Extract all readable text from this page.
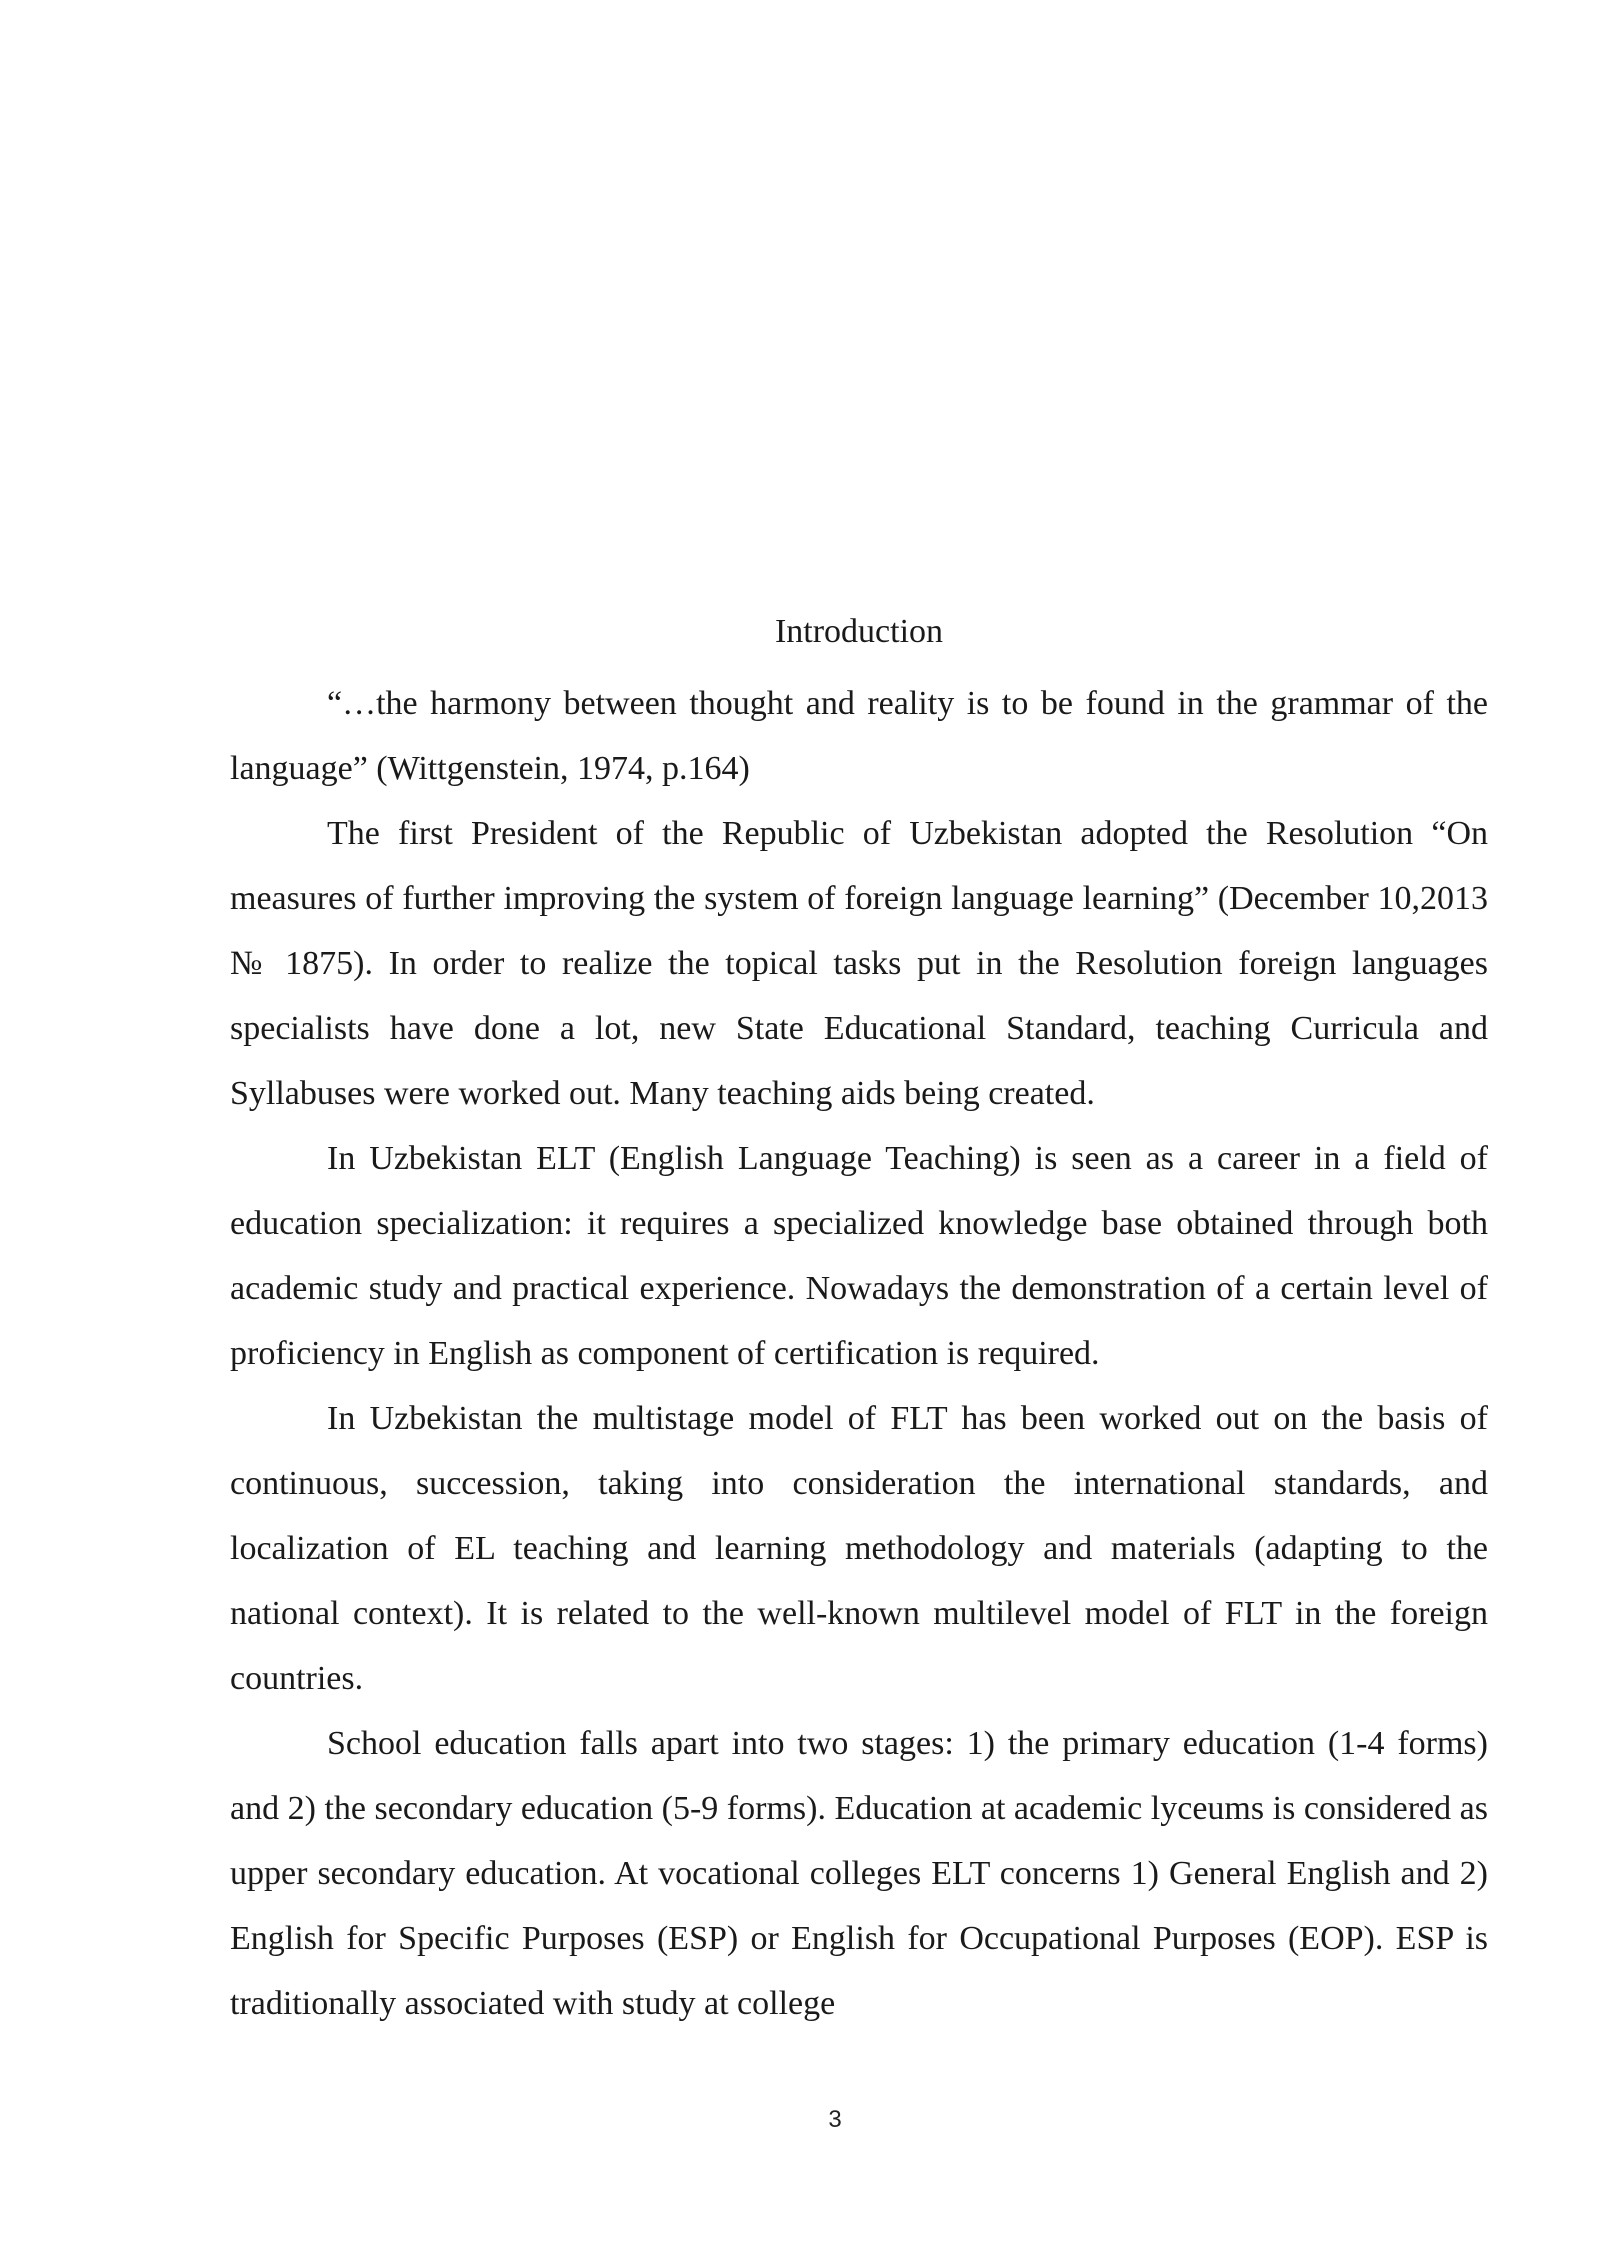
Introduction

“…the harmony between thought and reality is to be found in the grammar of the language” (Wittgenstein, 1974, p.164)

The first President of the Republic of Uzbekistan adopted the Resolution “On measures of further improving the system of foreign language learning” (December 10,2013 № 1875). In order to realize the topical tasks put in the Resolution foreign languages specialists have done a lot, new State Educational Standard, teaching Curricula and Syllabuses were worked out. Many teaching aids being created.

In Uzbekistan ELT (English Language Teaching) is seen as a career in a field of education specialization: it requires a specialized knowledge base obtained through both academic study and practical experience. Nowadays the demonstration of a certain level of proficiency in English as component of certification is required.

In Uzbekistan the multistage model of FLT has been worked out on the basis of continuous, succession, taking into consideration the international standards, and localization of EL teaching and learning methodology and materials (adapting to the national context). It is related to the well-known multilevel model of FLT in the foreign countries.

School education falls apart into two stages: 1) the primary education (1-4 forms) and 2) the secondary education (5-9 forms). Education at academic lyceums is considered as upper secondary education. At vocational colleges ELT concerns 1) General English and 2) English for Specific Purposes (ESP) or English for Occupational Purposes (EOP). ESP is traditionally associated with study at college

3
